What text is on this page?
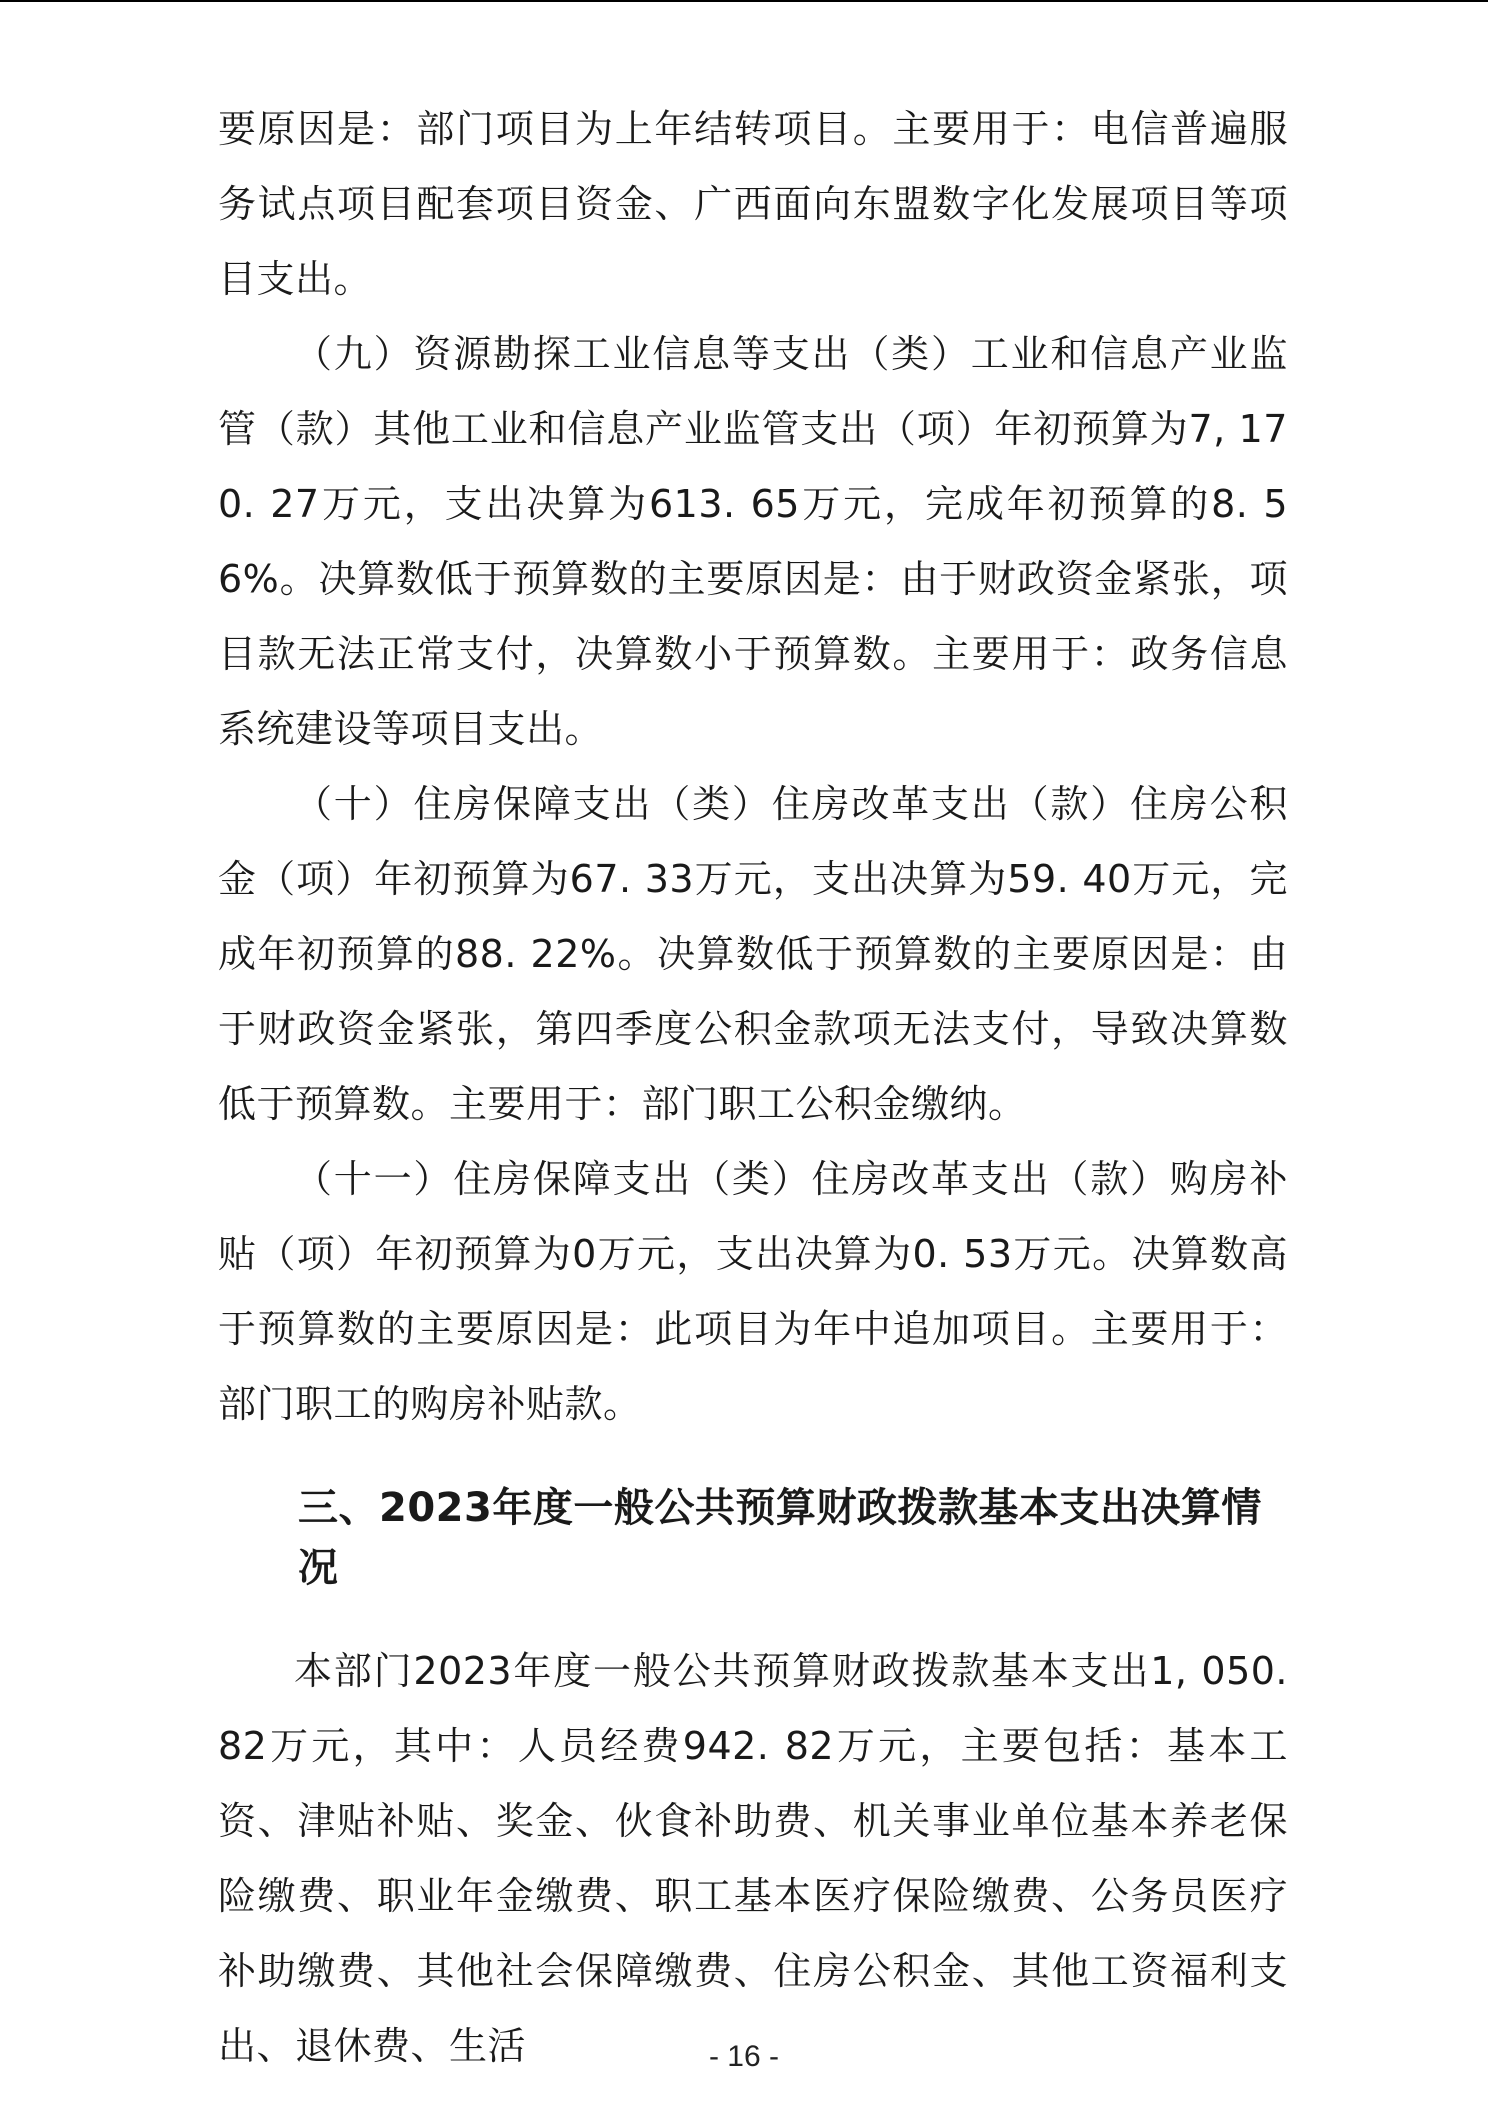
要原因是：部门项目为上年结转项目。主要用于：电信普遍服务试点项目配套项目资金、广西面向东盟数字化发展项目等项目支出。

（九）资源勘探工业信息等支出（类）工业和信息产业监管（款）其他工业和信息产业监管支出（项）年初预算为7, 170. 27万元，支出决算为613. 65万元，完成年初预算的8. 56%。决算数低于预算数的主要原因是：由于财政资金紧张，项目款无法正常支付，决算数小于预算数。主要用于：政务信息系统建设等项目支出。

（十）住房保障支出（类）住房改革支出（款）住房公积金（项）年初预算为67. 33万元，支出决算为59. 40万元，完成年初预算的88. 22%。决算数低于预算数的主要原因是：由于财政资金紧张，第四季度公积金款项无法支付，导致决算数低于预算数。主要用于：部门职工公积金缴纳。

（十一）住房保障支出（类）住房改革支出（款）购房补贴（项）年初预算为0万元，支出决算为0. 53万元。决算数高于预算数的主要原因是：此项目为年中追加项目。主要用于：部门职工的购房补贴款。

三、2023年度一般公共预算财政拨款基本支出决算情况

本部门2023年度一般公共预算财政拨款基本支出1, 050. 82万元，其中：人员经费942. 82万元，主要包括：基本工资、津贴补贴、奖金、伙食补助费、机关事业单位基本养老保险缴费、职业年金缴费、职工基本医疗保险缴费、公务员医疗补助缴费、其他社会保障缴费、住房公积金、其他工资福利支出、退休费、生活	- 16 -
